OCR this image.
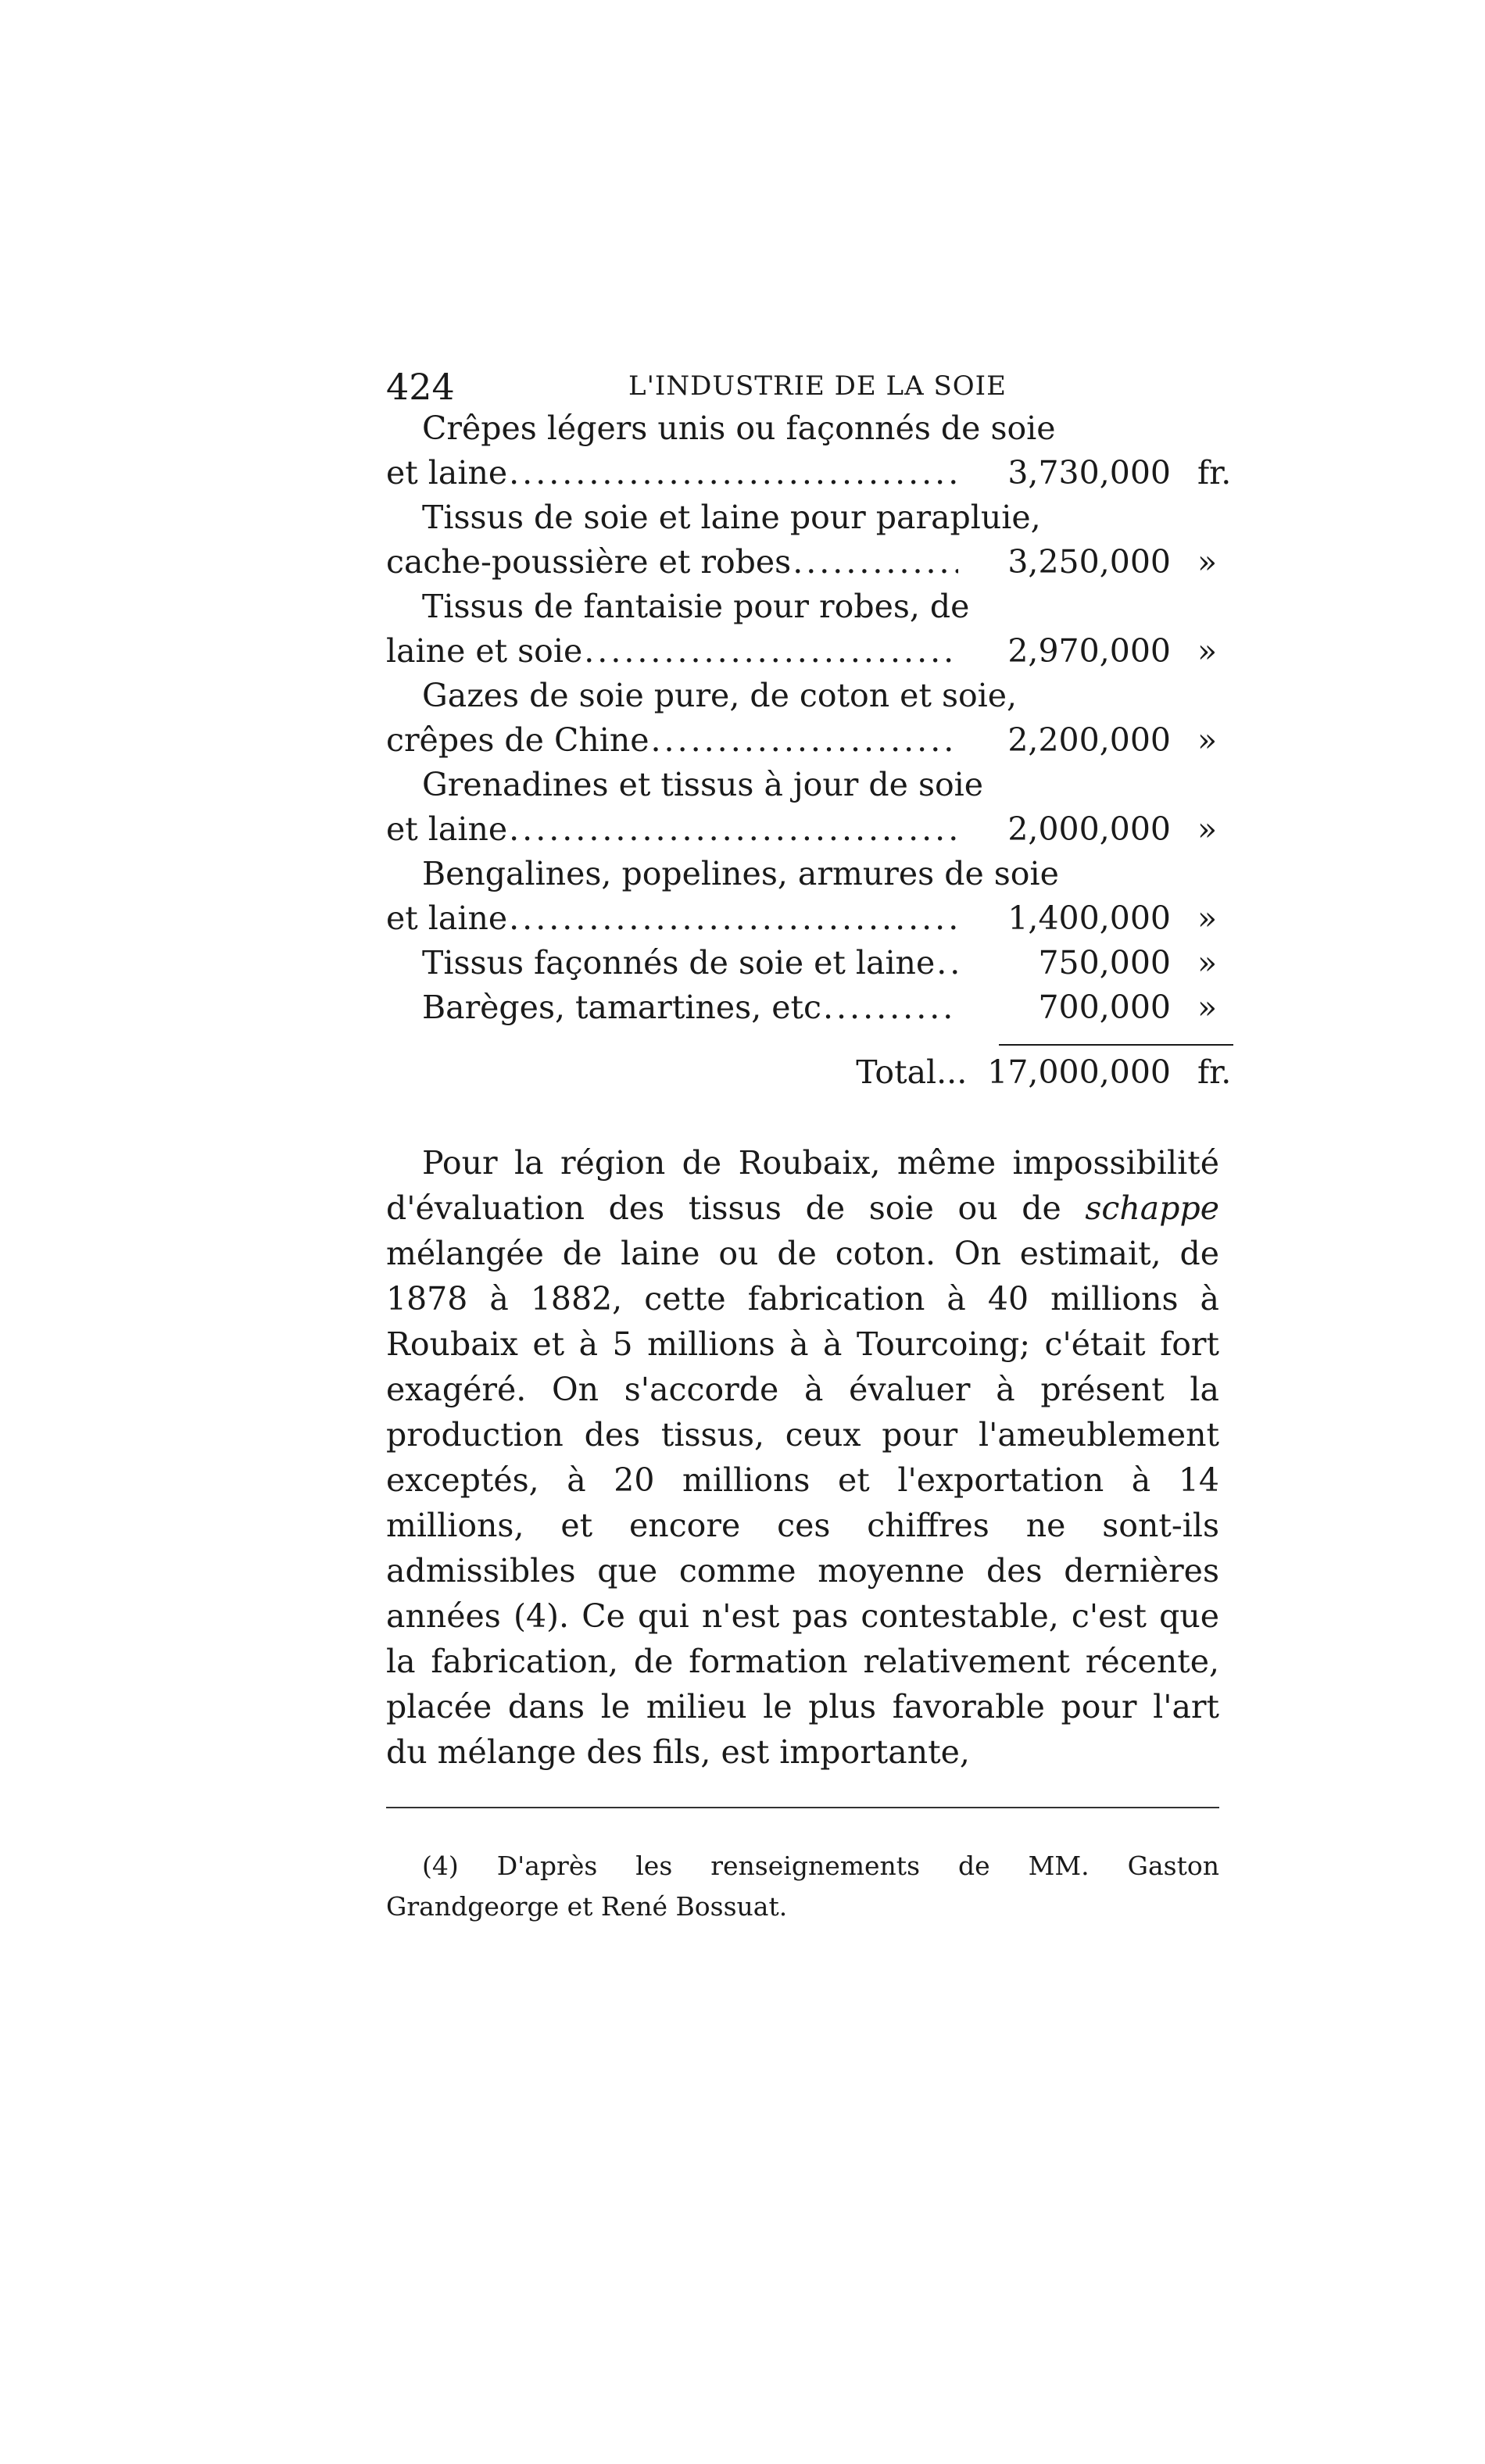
424	L'INDUSTRIE DE LA SOIE
Crêpes légers unis ou façonnés de soie
et laine .....	3,730,000 fr.
Tissus de soie et laine pour parapluie,
cache-poussière et robes .....	3,250,000 »
Tissus de fantaisie pour robes, de
laine et soie .....	2,970,000 »
Gazes de soie pure, de coton et soie,
crêpes de Chine .....	2,200,000 »
Grenadines et tissus à jour de soie
et laine .....	2,000,000 »
Bengalines, popelines, armures de soie
et laine .....	1,400,000 »
Tissus façonnés de soie et laine .....	750,000 »
Barèges, tamartines, etc .....	700,000 »
Total... 17,000,000 fr.

Pour la région de Roubaix, même impossibilité d'évaluation des tissus de soie ou de schappe mélangée de laine ou de coton. On estimait, de 1878 à 1882, cette fabrication à 40 millions à Roubaix et à 5 millions à à Tourcoing; c'était fort exagéré. On s'accorde à évaluer à présent la production des tissus, ceux pour l'ameublement exceptés, à 20 millions et l'exportation à 14 millions, et encore ces chiffres ne sont-ils admissibles que comme moyenne des dernières années (4). Ce qui n'est pas contestable, c'est que la fabrication, de formation relativement récente, placée dans le milieu le plus favorable pour l'art du mélange des fils, est importante,

(4) D'après les renseignements de MM. Gaston Grandgeorge et René Bossuat.
